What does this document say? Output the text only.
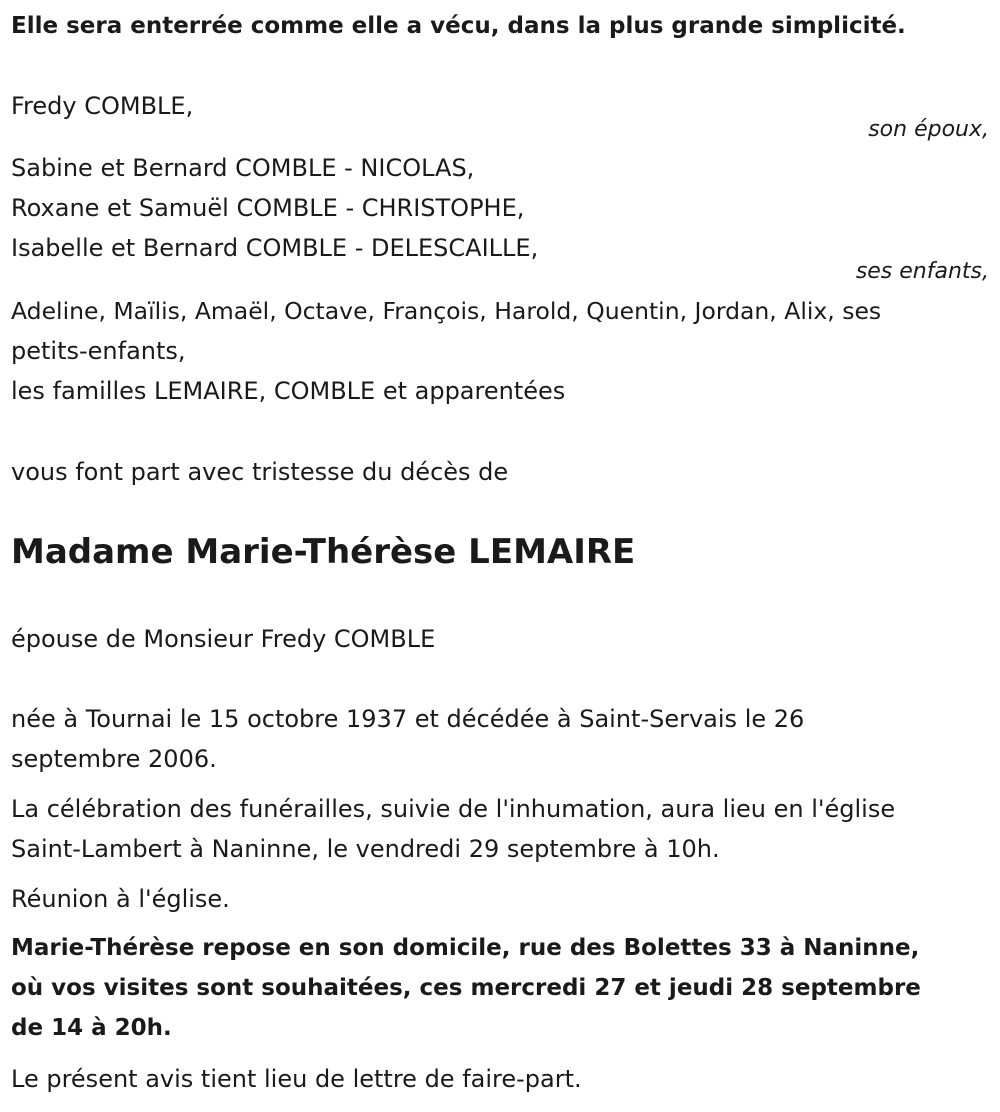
Elle sera enterrée comme elle a vécu, dans la plus grande simplicité.

Fredy COMBLE,

son époux,

Sabine et Bernard COMBLE - NICOLAS,

Roxane et Samuël COMBLE - CHRISTOPHE,

Isabelle et Bernard COMBLE - DELESCAILLE,

ses enfants,

Adeline, Maïlis, Amaël, Octave, François, Harold, Quentin, Jordan, Alix, ses

petits-enfants,

les familles LEMAIRE, COMBLE et apparentées

vous font part avec tristesse du décès de

Madame Marie-Thérèse LEMAIRE

épouse de Monsieur Fredy COMBLE

née à Tournai le 15 octobre 1937 et décédée à Saint-Servais le 26

septembre 2006.

La célébration des funérailles, suivie de l'inhumation, aura lieu en l'église

Saint-Lambert à Naninne, le vendredi 29 septembre à 10h.

Réunion à l'église.

Marie-Thérèse repose en son domicile, rue des Bolettes 33 à Naninne,

où vos visites sont souhaitées, ces mercredi 27 et jeudi 28 septembre

de 14 à 20h.

Le présent avis tient lieu de lettre de faire-part.
